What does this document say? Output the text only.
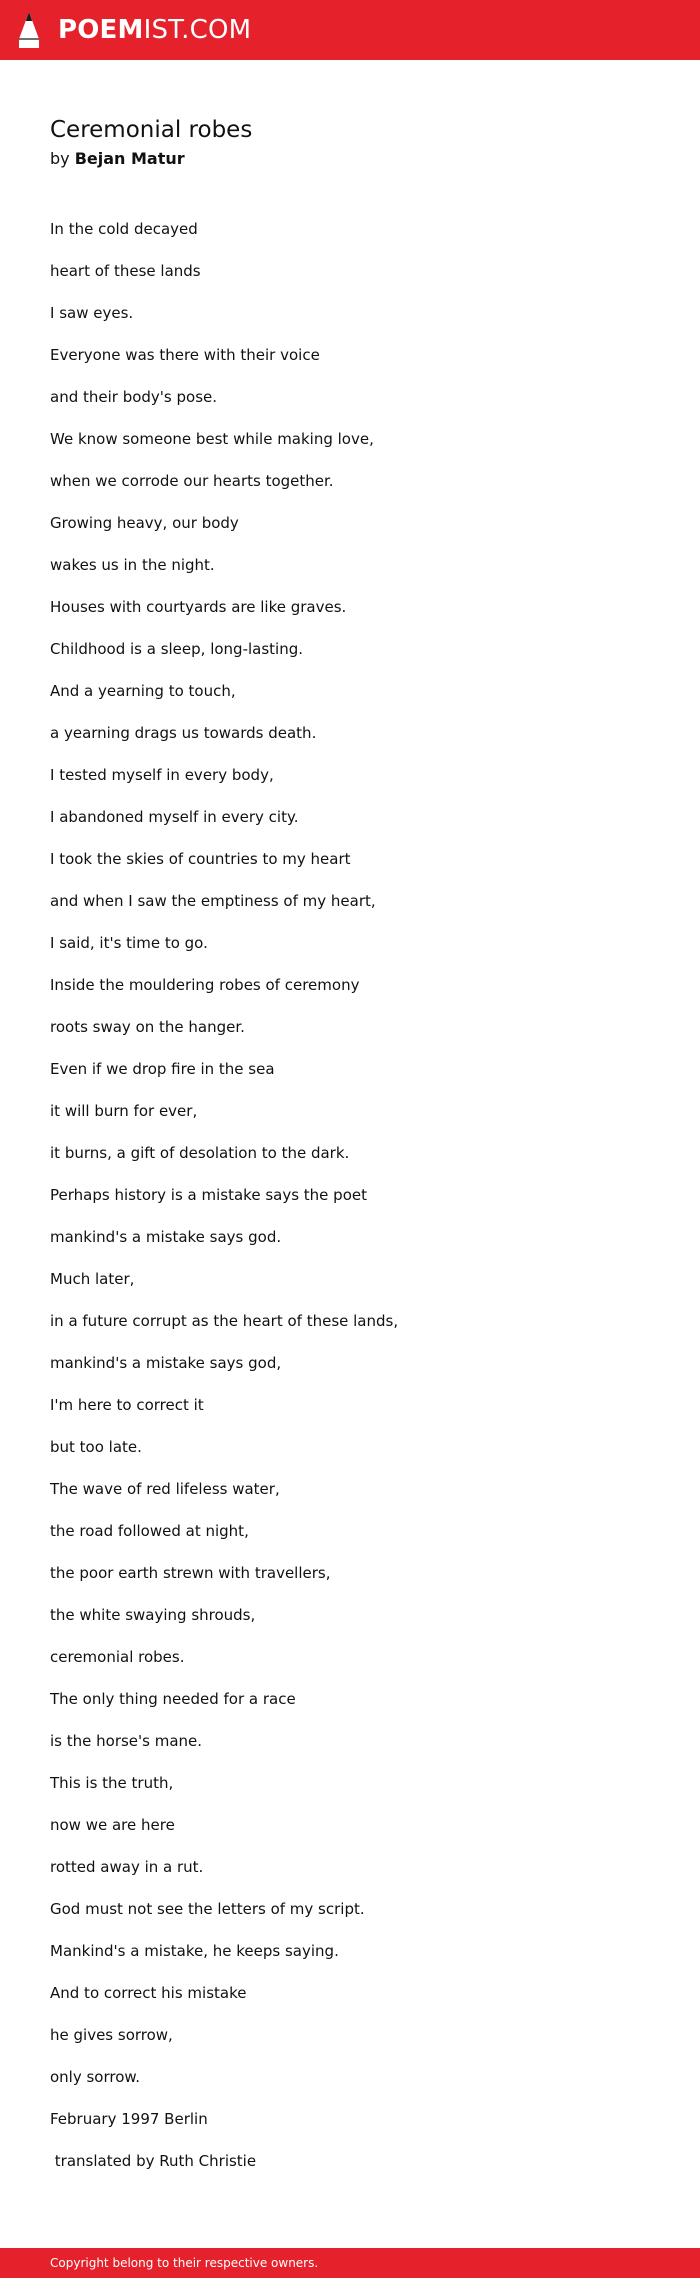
POEMIST.COM
Ceremonial robes
by Bejan Matur
In the cold decayed
heart of these lands
I saw eyes.
Everyone was there with their voice
and their body's pose.
We know someone best while making love,
when we corrode our hearts together.
Growing heavy, our body
wakes us in the night.
Houses with courtyards are like graves.
Childhood is a sleep, long-lasting.
And a yearning to touch,
a yearning drags us towards death.
I tested myself in every body,
I abandoned myself in every city.
I took the skies of countries to my heart
and when I saw the emptiness of my heart,
I said, it's time to go.
Inside the mouldering robes of ceremony
roots sway on the hanger.
Even if we drop fire in the sea
it will burn for ever,
it burns, a gift of desolation to the dark.
Perhaps history is a mistake says the poet
mankind's a mistake says god.
Much later,
in a future corrupt as the heart of these lands,
mankind's a mistake says god,
I'm here to correct it
but too late.
The wave of red lifeless water,
the road followed at night,
the poor earth strewn with travellers,
the white swaying shrouds,
ceremonial robes.
The only thing needed for a race
is the horse's mane.
This is the truth,
now we are here
rotted away in a rut.
God must not see the letters of my script.
Mankind's a mistake, he keeps saying.
And to correct his mistake
he gives sorrow,
only sorrow.
February 1997 Berlin
translated by Ruth Christie
Copyright belong to their respective owners.
